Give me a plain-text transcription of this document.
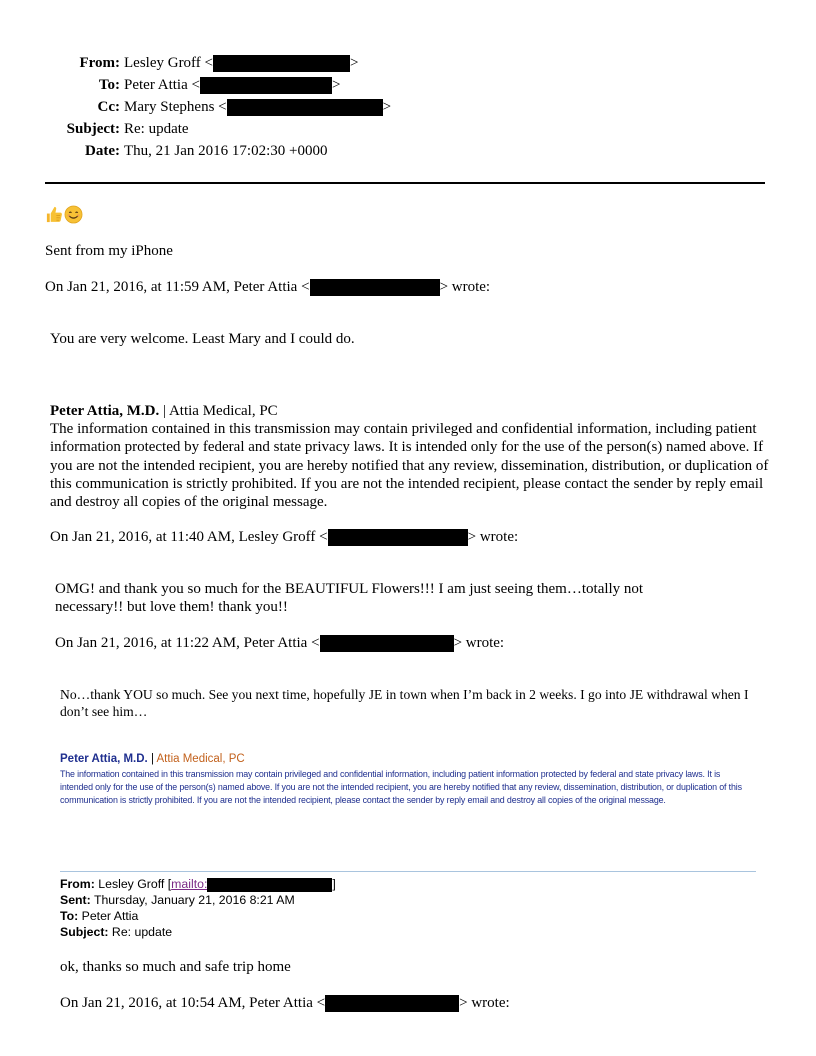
From: Lesley Groff <	>
To: Peter Attia <	>
Cc: Mary Stephens <	>
Subject: Re: update
Date: Thu, 21 Jan 2016 17:02:30 +0000
Sent from my iPhone
On Jan 21, 2016, at 11:59 AM, Peter Attia <	> wrote:
You are very welcome. Least Mary and I could do.
Peter Attia, M.D. | Attia Medical, PC
The information contained in this transmission may contain privileged and confidential information, including patient information protected by federal and state privacy laws. It is intended only for the use of the person(s) named above. If you are not the intended recipient, you are hereby notified that any review, dissemination, distribution, or duplication of this communication is strictly prohibited. If you are not the intended recipient, please contact the sender by reply email and destroy all copies of the original message.
On Jan 21, 2016, at 11:40 AM, Lesley Groff <	> wrote:
OMG! and thank you so much for the BEAUTIFUL Flowers!!! I am just seeing them…totally not necessary!! but love them! thank you!!
On Jan 21, 2016, at 11:22 AM, Peter Attia <	> wrote:
No…thank YOU so much. See you next time, hopefully JE in town when I’m back in 2 weeks. I go into JE withdrawal when I don’t see him…
Peter Attia, M.D. | Attia Medical, PC
The information contained in this transmission may contain privileged and confidential information, including patient information protected by federal and state privacy laws. It is intended only for the use of the person(s) named above. If you are not the intended recipient, you are hereby notified that any review, dissemination, distribution, or duplication of this communication is strictly prohibited. If you are not the intended recipient, please contact the sender by reply email and destroy all copies of the original message.
From: Lesley Groff [mailto:	]
Sent: Thursday, January 21, 2016 8:21 AM
To: Peter Attia
Subject: Re: update
ok, thanks so much and safe trip home
On Jan 21, 2016, at 10:54 AM, Peter Attia <	> wrote:
